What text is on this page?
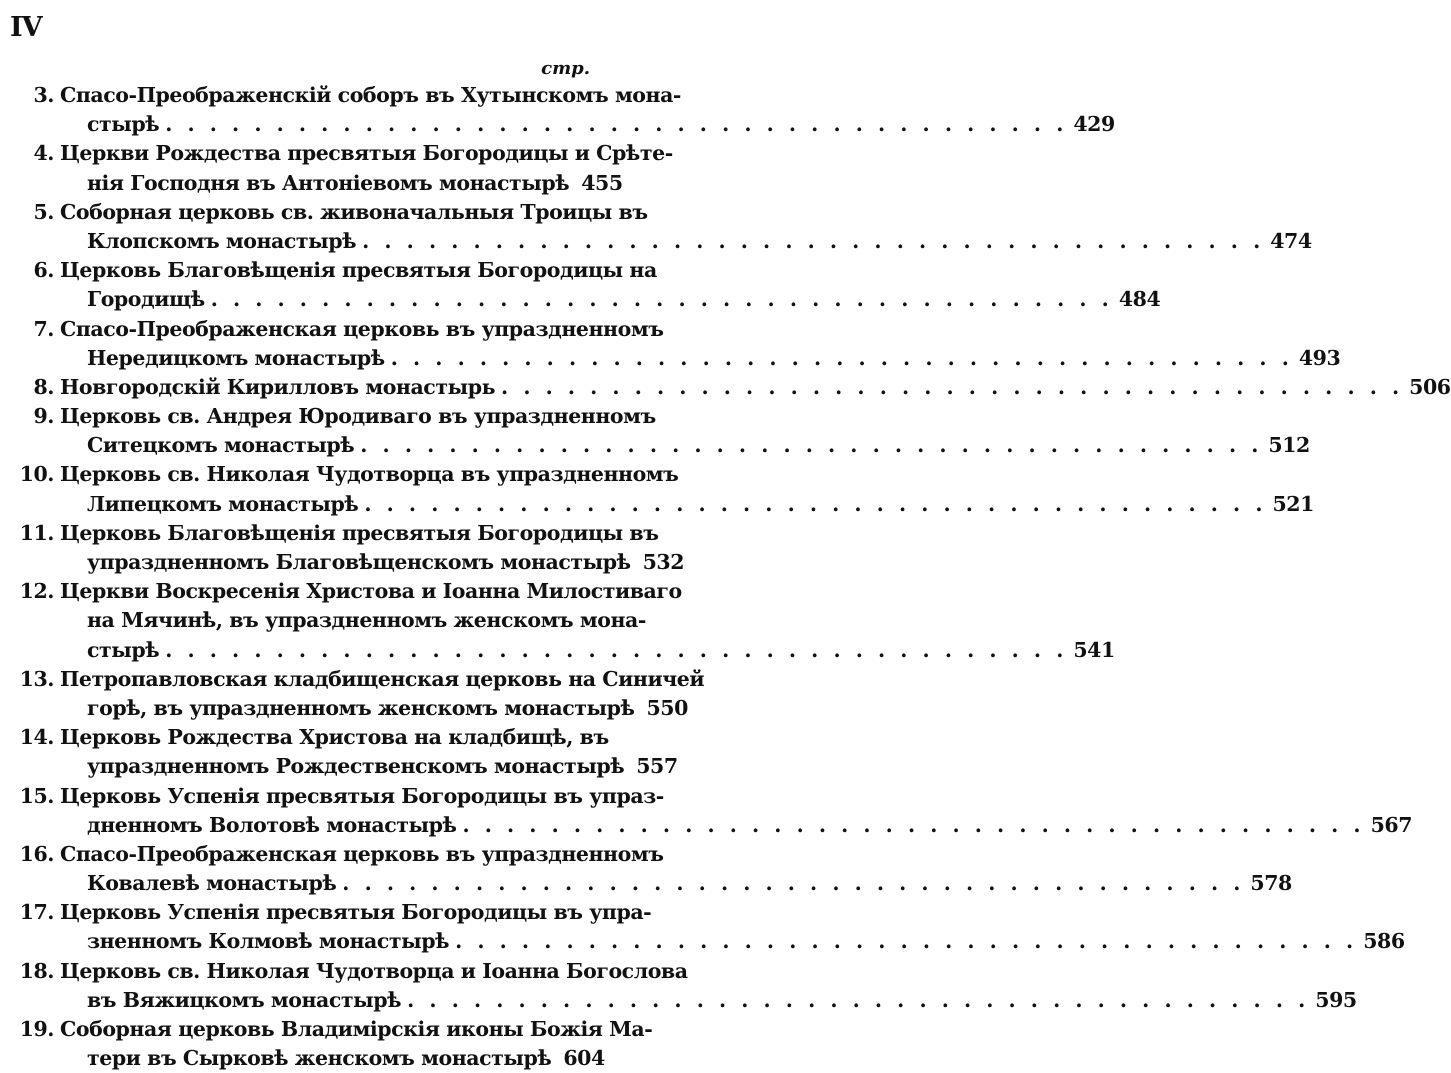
IV
стр.
3. Спасо-Преображенскій соборъ въ Хутынскомъ мона-
стырѣ . . . . . . . . . . . . . . . . . . . . . . . . . . . . . . . . . . . . . . . . . 429
4. Церкви Рождества пресвятыя Богородицы и Срѣте-
нія Господня въ Антоніевомъ монастырѣ 455
5. Соборная церковь св. живоначальныя Троицы въ
Клопскомъ монастырѣ . . . . . . . . . . . . . . . . . . . . . . . . . . . . . . . . . . . . . . . . . 474
6. Церковь Благовѣщенія пресвятыя Богородицы на
Городищѣ . . . . . . . . . . . . . . . . . . . . . . . . . . . . . . . . . . . . . . . . . 484
7. Спасо-Преображенская церковь въ упраздненномъ
Нередицкомъ монастырѣ . . . . . . . . . . . . . . . . . . . . . . . . . . . . . . . . . . . . . . . . . 493
8. Новгородскій Кирилловъ монастырь . . . . . . . . . . . . . . . . . . . . . . . . . . . . . . . . . . . . . . . . . 506
9. Церковь св. Андрея Юродиваго въ упраздненномъ
Ситецкомъ монастырѣ . . . . . . . . . . . . . . . . . . . . . . . . . . . . . . . . . . . . . . . . . 512
10. Церковь св. Николая Чудотворца въ упраздненномъ
Липецкомъ монастырѣ . . . . . . . . . . . . . . . . . . . . . . . . . . . . . . . . . . . . . . . . . 521
11. Церковь Благовѣщенія пресвятыя Богородицы въ
упраздненномъ Благовѣщенскомъ монастырѣ 532
12. Церкви Воскресенія Христова и Іоанна Милостиваго
на Мячинѣ, въ упраздненномъ женскомъ мона-
стырѣ . . . . . . . . . . . . . . . . . . . . . . . . . . . . . . . . . . . . . . . . . 541
13. Петропавловская кладбищенская церковь на Синичей
горѣ, въ упраздненномъ женскомъ монастырѣ 550
14. Церковь Рождества Христова на кладбищѣ, въ
упраздненномъ Рождественскомъ монастырѣ 557
15. Церковь Успенія пресвятыя Богородицы въ упраз-
дненномъ Волотовѣ монастырѣ . . . . . . . . . . . . . . . . . . . . . . . . . . . . . . . . . . . . . . . . . 567
16. Спасо-Преображенская церковь въ упраздненномъ
Ковалевѣ монастырѣ . . . . . . . . . . . . . . . . . . . . . . . . . . . . . . . . . . . . . . . . . 578
17. Церковь Успенія пресвятыя Богородицы въ упра-
зненномъ Колмовѣ монастырѣ . . . . . . . . . . . . . . . . . . . . . . . . . . . . . . . . . . . . . . . . . 586
18. Церковь св. Николая Чудотворца и Іоанна Богослова
въ Вяжицкомъ монастырѣ . . . . . . . . . . . . . . . . . . . . . . . . . . . . . . . . . . . . . . . . . 595
19. Соборная церковь Владимірскія иконы Божія Ма-
тери въ Сырковѣ женскомъ монастырѣ 604
